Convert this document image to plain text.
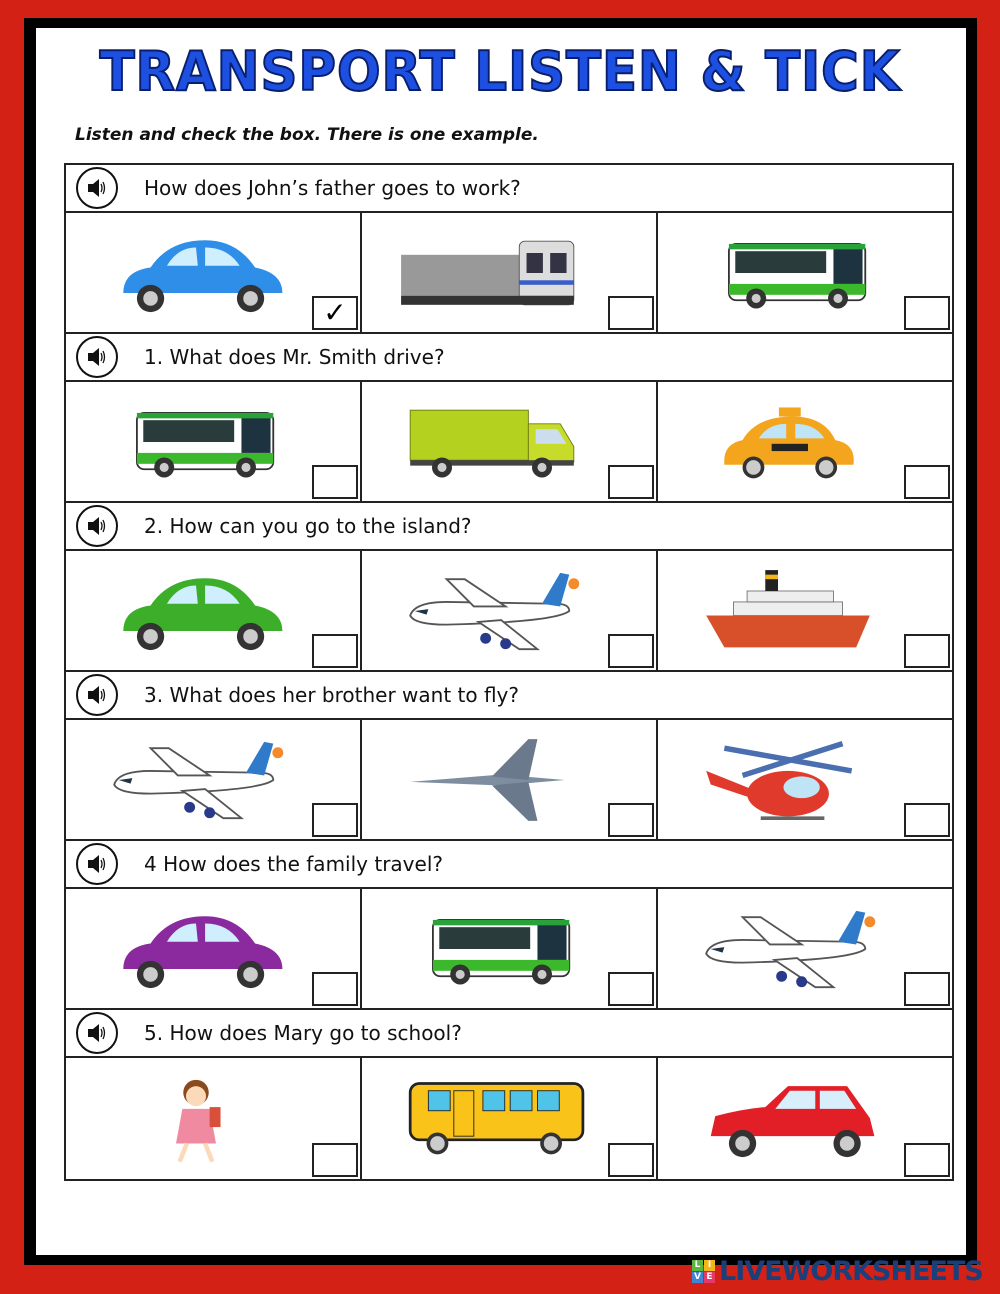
TRANSPORT LISTEN & TICK
Listen and check the box. There is one example.
How does John’s father goes to work?
✓
1. What does Mr. Smith drive?
2. How can you go to the island?
3. What does her brother want to fly?
4 How does the family travel?
5. How does Mary go to school?
L I
V E LIVEWORKSHEETS
